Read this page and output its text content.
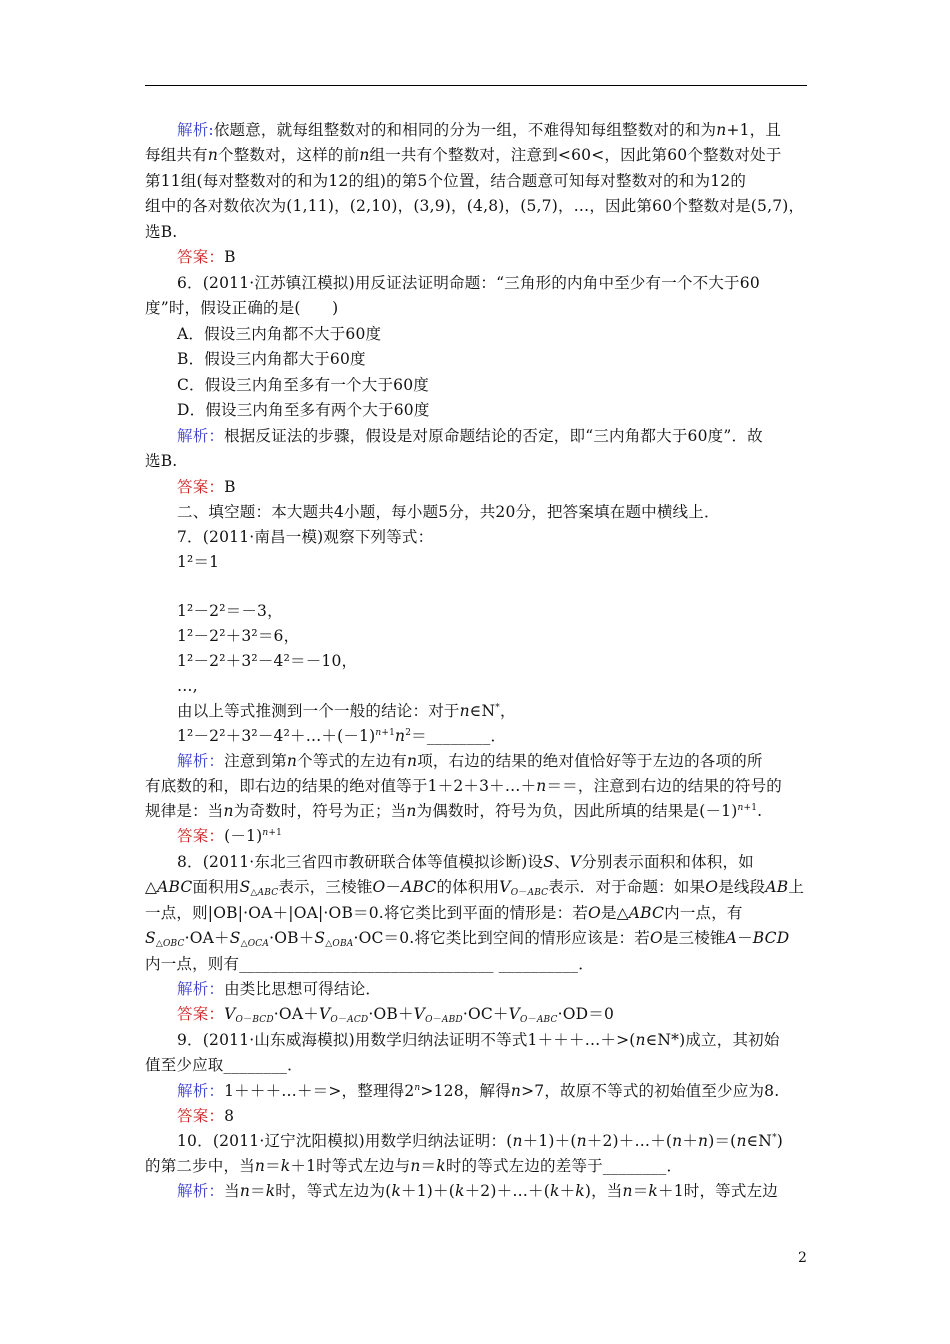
解析:依题意，就每组整数对的和相同的分为一组，不难得知每组整数对的和为n+1，且
每组共有n个整数对，这样的前n组一共有个整数对，注意到<60<，因此第60个整数对处于
第11组(每对整数对的和为12的组)的第5个位置，结合题意可知每对整数对的和为12的
组中的各对数依次为(1,11)，(2,10)，(3,9)，(4,8)，(5,7)，…，因此第60个整数对是(5,7)，
选B.
答案：B
6．(2011·江苏镇江模拟)用反证法证明命题：“三角形的内角中至少有一个不大于60
度”时，假设正确的是(　　)
A．假设三内角都不大于60度
B．假设三内角都大于60度
C．假设三内角至多有一个大于60度
D．假设三内角至多有两个大于60度
解析：根据反证法的步骤，假设是对原命题结论的否定，即“三内角都大于60度”．故
选B.
答案：B
二、填空题：本大题共4小题，每小题5分，共20分，把答案填在题中横线上．
7．(2011·南昌一模)观察下列等式：
1²＝1
1²－2²＝－3，
1²－2²＋3²＝6，
1²－2²＋3²－4²＝－10，
…,
由以上等式推测到一个一般的结论：对于n∈N*，
$1^2-2^2+3^2-4^2+\dots+(-1)^{n+1}n^2=\_\_\_\_\_\_\_\_$．
解析：注意到第n个等式的左边有n项，右边的结果的绝对值恰好等于左边的各项的所
有底数的和，即右边的结果的绝对值等于1＋2＋3＋…＋n＝＝，注意到右边的结果的符号的
规律是：当n为奇数时，符号为正；当n为偶数时，符号为负，因此所填的结果是$(-1)^{n+1}$.
答案：$(-1)^{n+1}$
8．(2011·东北三省四市教研联合体等值模拟诊断)设S、V分别表示面积和体积，如
△ABC面积用$S_{\triangle ABC}$表示，三棱锥O－ABC的体积用$V_{O-ABC}$表示．对于命题：如果O是线段AB上
一点，则|OB|·OA＋|OA|·OB＝0.将它类比到平面的情形是：若O是△ABC内一点，有
$S_{\triangle OBC}\cdot OA+S_{\triangle OCA}\cdot OB+S_{\triangle OBA}\cdot OC=0$.将它类比到空间的情形应该是：若O是三棱锥A－BCD
内一点，则有________________________________ __________．
解析：由类比思想可得结论．
答案：$V_{O-BCD}\cdot OA+V_{O-ACD}\cdot OB+V_{O-ABD}\cdot OC+V_{O-ABC}\cdot OD=0$
9．(2011·山东威海模拟)用数学归纳法证明不等式1＋＋＋…＋>(n∈N*)成立，其初始
值至少应取________．
解析：1＋＋＋…＋＝>，整理得$2^n>128$，解得n>7，故原不等式的初始值至少应为8.
答案：8
10．(2011·辽宁沈阳模拟)用数学归纳法证明：(n＋1)＋(n＋2)＋…＋(n＋n)＝(n∈N*)
的第二步中，当n＝k＋1时等式左边与n＝k时的等式左边的差等于________．
解析：当n＝k时，等式左边为(k＋1)＋(k＋2)＋…＋(k＋k)，当n＝k＋1时，等式左边
2
